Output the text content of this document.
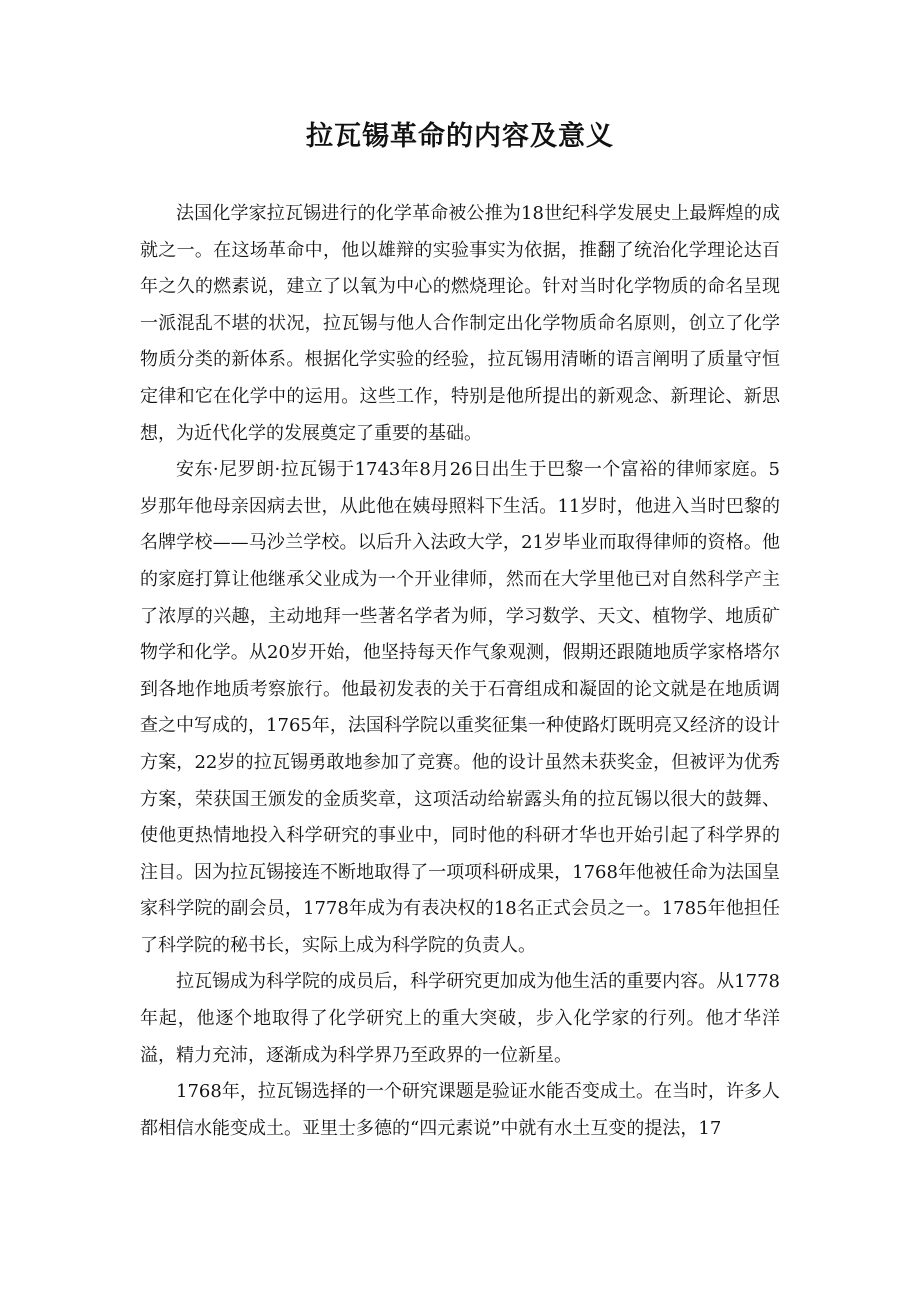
拉瓦锡革命的内容及意义

法国化学家拉瓦锡进行的化学革命被公推为18世纪科学发展史上最辉煌的成就之一。在这场革命中，他以雄辩的实验事实为依据，推翻了统治化学理论达百年之久的燃素说，建立了以氧为中心的燃烧理论。针对当时化学物质的命名呈现一派混乱不堪的状况，拉瓦锡与他人合作制定出化学物质命名原则，创立了化学物质分类的新体系。根据化学实验的经验，拉瓦锡用清晰的语言阐明了质量守恒定律和它在化学中的运用。这些工作，特别是他所提出的新观念、新理论、新思想，为近代化学的发展奠定了重要的基础。

安东·尼罗朗·拉瓦锡于1743年8月26日出生于巴黎一个富裕的律师家庭。5岁那年他母亲因病去世，从此他在姨母照料下生活。11岁时，他进入当时巴黎的名牌学校——马沙兰学校。以后升入法政大学，21岁毕业而取得律师的资格。他的家庭打算让他继承父业成为一个开业律师，然而在大学里他已对自然科学产主了浓厚的兴趣，主动地拜一些著名学者为师，学习数学、天文、植物学、地质矿物学和化学。从20岁开始，他坚持每天作气象观测，假期还跟随地质学家格塔尔到各地作地质考察旅行。他最初发表的关于石膏组成和凝固的论文就是在地质调查之中写成的，1765年，法国科学院以重奖征集一种使路灯既明亮又经济的设计方案，22岁的拉瓦锡勇敢地参加了竞赛。他的设计虽然未获奖金，但被评为优秀方案，荣获国王颁发的金质奖章，这项活动给崭露头角的拉瓦锡以很大的鼓舞、使他更热情地投入科学研究的事业中，同时他的科研才华也开始引起了科学界的注目。因为拉瓦锡接连不断地取得了一项项科研成果，1768年他被任命为法国皇家科学院的副会员，1778年成为有表决权的18名正式会员之一。1785年他担任了科学院的秘书长，实际上成为科学院的负责人。

拉瓦锡成为科学院的成员后，科学研究更加成为他生活的重要内容。从1778年起，他逐个地取得了化学研究上的重大突破，步入化学家的行列。他才华洋溢，精力充沛，逐渐成为科学界乃至政界的一位新星。

1768年，拉瓦锡选择的一个研究课题是验证水能否变成土。在当时，许多人都相信水能变成土。亚里士多德的“四元素说”中就有水土互变的提法，17
